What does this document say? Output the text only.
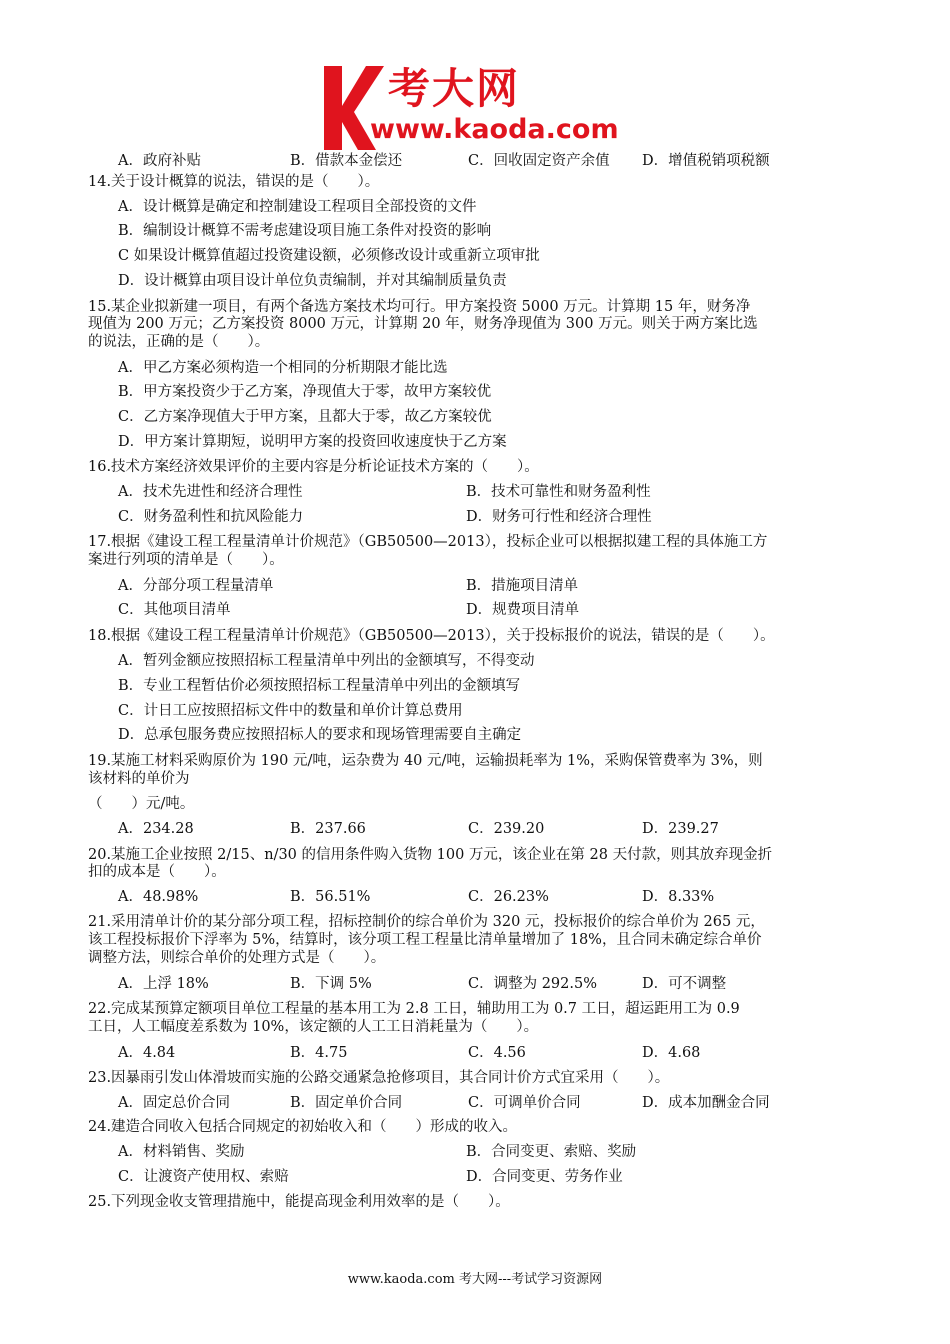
考大网
www.kaoda.com
A．政府补贴	B．借款本金偿还	C．回收固定资产余值 D．增值税销项税额
14.关于设计概算的说法，错误的是（　　）。
A．设计概算是确定和控制建设工程项目全部投资的文件
B．编制设计概算不需考虑建设项目施工条件对投资的影响
C 如果设计概算值超过投资建设额，必须修改设计或重新立项审批
D．设计概算由项目设计单位负责编制，并对其编制质量负责
15.某企业拟新建一项目，有两个备选方案技术均可行。甲方案投资 5000 万元。计算期 15 年，财务净
现值为 200 万元；乙方案投资 8000 万元，计算期 20 年，财务净现值为 300 万元。则关于两方案比选
的说法，正确的是（　　）。
A．甲乙方案必须构造一个相同的分析期限才能比选
B．甲方案投资少于乙方案，净现值大于零，故甲方案较优
C．乙方案净现值大于甲方案，且都大于零，故乙方案较优
D．甲方案计算期短，说明甲方案的投资回收速度快于乙方案
16.技术方案经济效果评价的主要内容是分析论证技术方案的（　　）。
A．技术先进性和经济合理性	B．技术可靠性和财务盈利性
C．财务盈利性和抗风险能力	D．财务可行性和经济合理性
17.根据《建设工程工程量清单计价规范》（GB50500—2013），投标企业可以根据拟建工程的具体施工方
案进行列项的清单是（　　）。
A．分部分项工程量清单	B．措施项目清单
C．其他项目清单	D．规费项目清单
18.根据《建设工程工程量清单计价规范》（GB50500—2013），关于投标报价的说法，错误的是（　　）。
A．暂列金额应按照招标工程量清单中列出的金额填写，不得变动
B．专业工程暂估价必须按照招标工程量清单中列出的金额填写
C．计日工应按照招标文件中的数量和单价计算总费用
D．总承包服务费应按照招标人的要求和现场管理需要自主确定
19.某施工材料采购原价为 190 元/吨，运杂费为 40 元/吨，运输损耗率为 1%，采购保管费率为 3%，则
该材料的单价为
（　　）元/吨。
A．234.28	B．237.66	C．239.20	D．239.27
20.某施工企业按照 2/15、n/30 的信用条件购入货物 100 万元，该企业在第 28 天付款，则其放弃现金折
扣的成本是（　　）。
A．48.98%	B．56.51%	C．26.23%	D．8.33%
21.采用清单计价的某分部分项工程，招标控制价的综合单价为 320 元，投标报价的综合单价为 265 元，
该工程投标报价下浮率为 5%，结算时，该分项工程工程量比清单量增加了 18%，且合同未确定综合单价
调整方法，则综合单价的处理方式是（　　）。
A．上浮 18%	B．下调 5%	C．调整为 292.5%	D．可不调整
22.完成某预算定额项目单位工程量的基本用工为 2.8 工日，辅助用工为 0.7 工日，超运距用工为 0.9
工日，人工幅度差系数为 10%，该定额的人工工日消耗量为（　　）。
A．4.84	B．4.75	C．4.56	D．4.68
23.因暴雨引发山体滑坡而实施的公路交通紧急抢修项目，其合同计价方式宜采用（　　）。
A．固定总价合同	B．固定单价合同	C．可调单价合同	D．成本加酬金合同
24.建造合同收入包括合同规定的初始收入和（　　）形成的收入。
A．材料销售、奖励	B．合同变更、索赔、奖励
C．让渡资产使用权、索赔	D．合同变更、劳务作业
25.下列现金收支管理措施中，能提高现金利用效率的是（　　）。
www.kaoda.com 考大网---考试学习资源网
